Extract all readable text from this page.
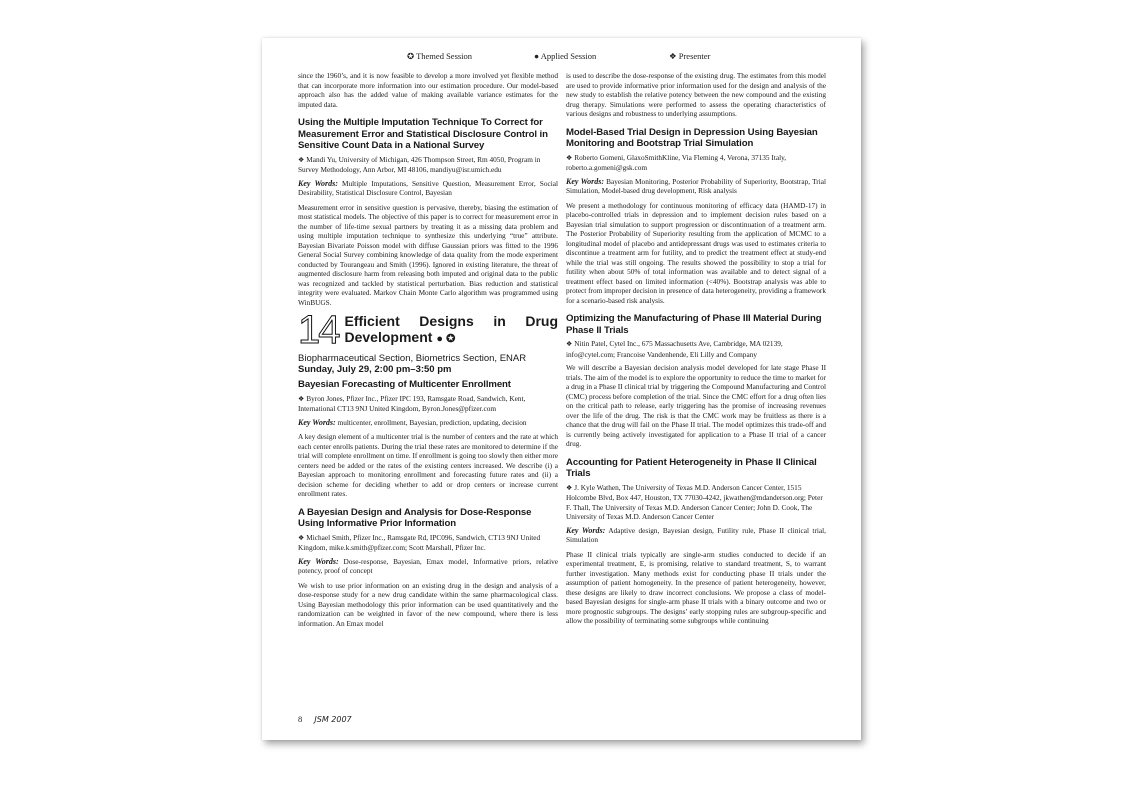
✪ Themed Session	● Applied Session	❖ Presenter

since the 1960’s, and it is now feasible to develop a more involved yet flexible method that can incorporate more information into our estimation procedure. Our model-based approach also has the added value of making available variance estimates for the imputed data.

Using the Multiple Imputation Technique To Correct for Measurement Error and Statistical Disclosure Control in Sensitive Count Data in a National Survey

❖ Mandi Yu, University of Michigan, 426 Thompson Street, Rm 4050, Program in Survey Methodology, Ann Arbor, MI 48106, mandiyu@isr.umich.edu

Key Words: Multiple Imputations, Sensitive Question, Measurement Error, Social Desirability, Statistical Disclosure Control, Bayesian

Measurement error in sensitive question is pervasive, thereby, biasing the estimation of most statistical models. The objective of this paper is to correct for measurement error in the number of life-time sexual partners by treating it as a missing data problem and using multiple imputation technique to synthesize this underlying “true” attribute. Bayesian Bivariate Poisson model with diffuse Gaussian priors was fitted to the 1996 General Social Survey combining knowledge of data quality from the mode experiment conducted by Tourangeau and Smith (1996). Ignored in existing literature, the threat of augmented disclosure harm from releasing both imputed and original data to the public was recognized and tackled by statistical perturbation. Bias reduction and statistical integrity were evaluated. Markov Chain Monte Carlo algorithm was programmed using WinBUGS.

14 Efficient Designs in Drug Development ● ✪
Biopharmaceutical Section, Biometrics Section, ENAR
Sunday, July 29, 2:00 pm–3:50 pm
Bayesian Forecasting of Multicenter Enrollment

❖ Byron Jones, Pfizer Inc., Pfizer IPC 193, Ramsgate Road, Sandwich, Kent, International CT13 9NJ United Kingdom, Byron.Jones@pfizer.com

Key Words: multicenter, enrollment, Bayesian, prediction, updating, decision

A key design element of a multicenter trial is the number of centers and the rate at which each center enrolls patients. During the trial these rates are monitored to determine if the trial will complete enrollment on time. If enrollment is going too slowly then either more centers need be added or the rates of the existing centers increased. We describe (i) a Bayesian approach to monitoring enrollment and forecasting future rates and (ii) a decision scheme for deciding whether to add or drop centers or increase current enrollment rates.

A Bayesian Design and Analysis for Dose-Response Using Informative Prior Information

❖ Michael Smith, Pfizer Inc., Ramsgate Rd, IPC096, Sandwich, CT13 9NJ United Kingdom, mike.k.smith@pfizer.com; Scott Marshall, Pfizer Inc.

Key Words: Dose-response, Bayesian, Emax model, Informative priors, relative potency, proof of concept

We wish to use prior information on an existing drug in the design and analysis of a dose-response study for a new drug candidate within the same pharmacological class. Using Bayesian methodology this prior information can be used quantitatively and the randomization can be weighted in favor of the new compound, where there is less information. An Emax model

is used to describe the dose-response of the existing drug. The estimates from this model are used to provide informative prior information used for the design and analysis of the new study to establish the relative potency between the new compound and the existing drug therapy. Simulations were performed to assess the operating characteristics of various designs and robustness to underlying assumptions.

Model-Based Trial Design in Depression Using Bayesian Monitoring and Bootstrap Trial Simulation

❖ Roberto Gomeni, GlaxoSmithKline, Via Fleming 4, Verona, 37135 Italy, roberto.a.gomeni@gsk.com

Key Words: Bayesian Monitoring, Posterior Probability of Superiority, Bootstrap, Trial Simulation, Model-based drug development, Risk analysis

We present a methodology for continuous monitoring of efficacy data (HAMD-17) in placebo-controlled trials in depression and to implement decision rules based on a Bayesian trial simulation to support progression or discontinuation of a treatment arm. The Posterior Probability of Superiority resulting from the application of MCMC to a longitudinal model of placebo and antidepressant drugs was used to estimates criteria to discontinue a treatment arm for futility, and to predict the treatment effect at study-end while the trial was still ongoing. The results showed the possibility to stop a trial for futility when about 50% of total information was available and to detect signal of a treatment effect based on limited information (<40%). Bootstrap analysis was able to protect from improper decision in presence of data heterogeneity, providing a framework for a scenario-based risk analysis.

Optimizing the Manufacturing of Phase III Material During Phase II Trials

❖ Nitin Patel, Cytel Inc., 675 Massachusetts Ave, Cambridge, MA 02139, info@cytel.com; Francoise Vandenhende, Eli Lilly and Company

We will describe a Bayesian decision analysis model developed for late stage Phase II trials. The aim of the model is to explore the opportunity to reduce the time to market for a drug in a Phase II clinical trial by triggering the Compound Manufacturing and Control (CMC) process before completion of the trial. Since the CMC effort for a drug often lies on the critical path to release, early triggering has the promise of increasing revenues over the life of the drug. The risk is that the CMC work may be fruitless as there is a chance that the drug will fail on the Phase II trial. The model optimizes this trade-off and is currently being actively investigated for application to a Phase II trial of a cancer drug.

Accounting for Patient Heterogeneity in Phase II Clinical Trials

❖ J. Kyle Wathen, The University of Texas M.D. Anderson Cancer Center, 1515 Holcombe Blvd, Box 447, Houston, TX 77030-4242, jkwathen@mdanderson.org; Peter F. Thall, The University of Texas M.D. Anderson Cancer Center; John D. Cook, The University of Texas M.D. Anderson Cancer Center

Key Words: Adaptive design, Bayesian design, Futility rule, Phase II clinical trial, Simulation

Phase II clinical trials typically are single-arm studies conducted to decide if an experimental treatment, E, is promising, relative to standard treatment, S, to warrant further investigation. Many methods exist for conducting phase II trials under the assumption of patient homogeneity. In the presence of patient heterogeneity, however, these designs are likely to draw incorrect conclusions. We propose a class of model-based Bayesian designs for single-arm phase II trials with a binary outcome and two or more prognostic subgroups. The designs’ early stopping rules are subgroup-specific and allow the possibility of terminating some subgroups while continuing

8 JSM 2007
